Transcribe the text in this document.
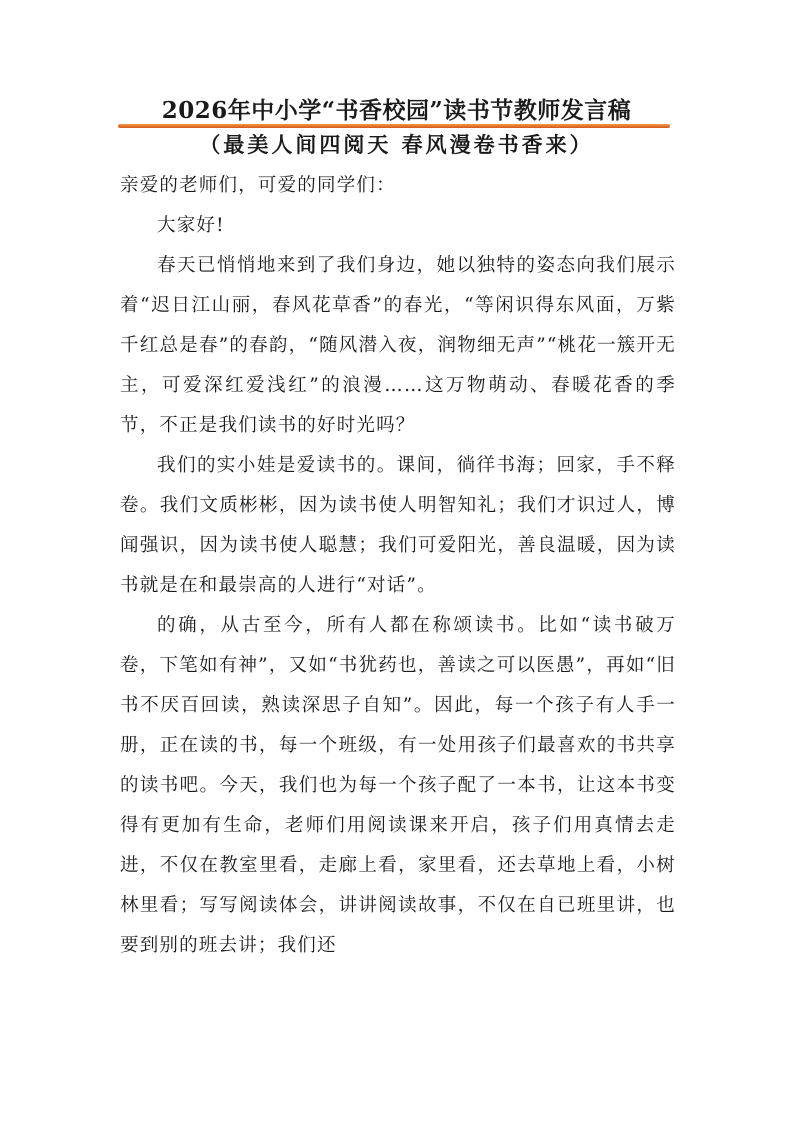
2026年中小学“书香校园”读书节教师发言稿
（最美人间四阅天 春风漫卷书香来）

亲爱的老师们，可爱的同学们：

大家好!

春天已悄悄地来到了我们身边，她以独特的姿态向我们展示着“迟日江山丽，春风花草香”的春光，“等闲识得东风面，万紫千红总是春”的春韵，“随风潜入夜，润物细无声”“桃花一簇开无主，可爱深红爱浅红”的浪漫……这万物萌动、春暖花香的季节，不正是我们读书的好时光吗？

我们的实小娃是爱读书的。课间，徜徉书海；回家，手不释卷。我们文质彬彬，因为读书使人明智知礼；我们才识过人，博闻强识，因为读书使人聪慧；我们可爱阳光，善良温暖，因为读书就是在和最崇高的人进行“对话”。

的确，从古至今，所有人都在称颂读书。比如“读书破万卷，下笔如有神”，又如“书犹药也，善读之可以医愚”，再如“旧书不厌百回读，熟读深思子自知”。因此，每一个孩子有人手一册，正在读的书，每一个班级，有一处用孩子们最喜欢的书共享的读书吧。今天，我们也为每一个孩子配了一本书，让这本书变得有更加有生命，老师们用阅读课来开启，孩子们用真情去走进，不仅在教室里看，走廊上看，家里看，还去草地上看，小树林里看；写写阅读体会，讲讲阅读故事，不仅在自已班里讲，也要到别的班去讲；我们还
